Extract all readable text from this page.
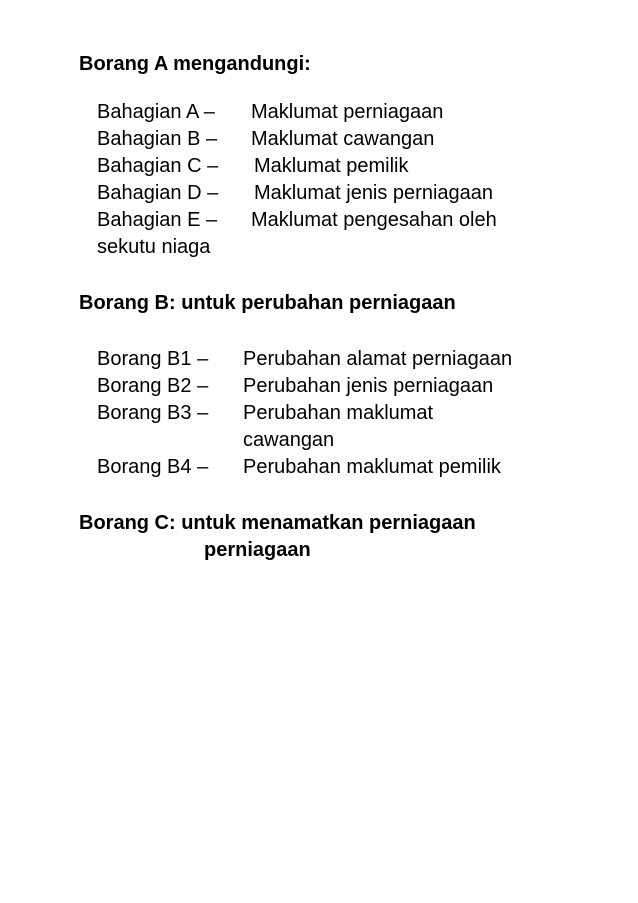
Borang A mengandungi:
Bahagian A – Maklumat perniagaan
Bahagian B – Maklumat cawangan
Bahagian C – Maklumat pemilik
Bahagian D – Maklumat jenis perniagaan
Bahagian E – Maklumat pengesahan oleh
sekutu niaga
Borang B: untuk perubahan perniagaan
Borang B1 – Perubahan alamat perniagaan
Borang B2 – Perubahan jenis perniagaan
Borang B3 – Perubahan maklumat
cawangan
Borang B4 – Perubahan maklumat pemilik
Borang C: untuk menamatkan perniagaan
perniagaan
